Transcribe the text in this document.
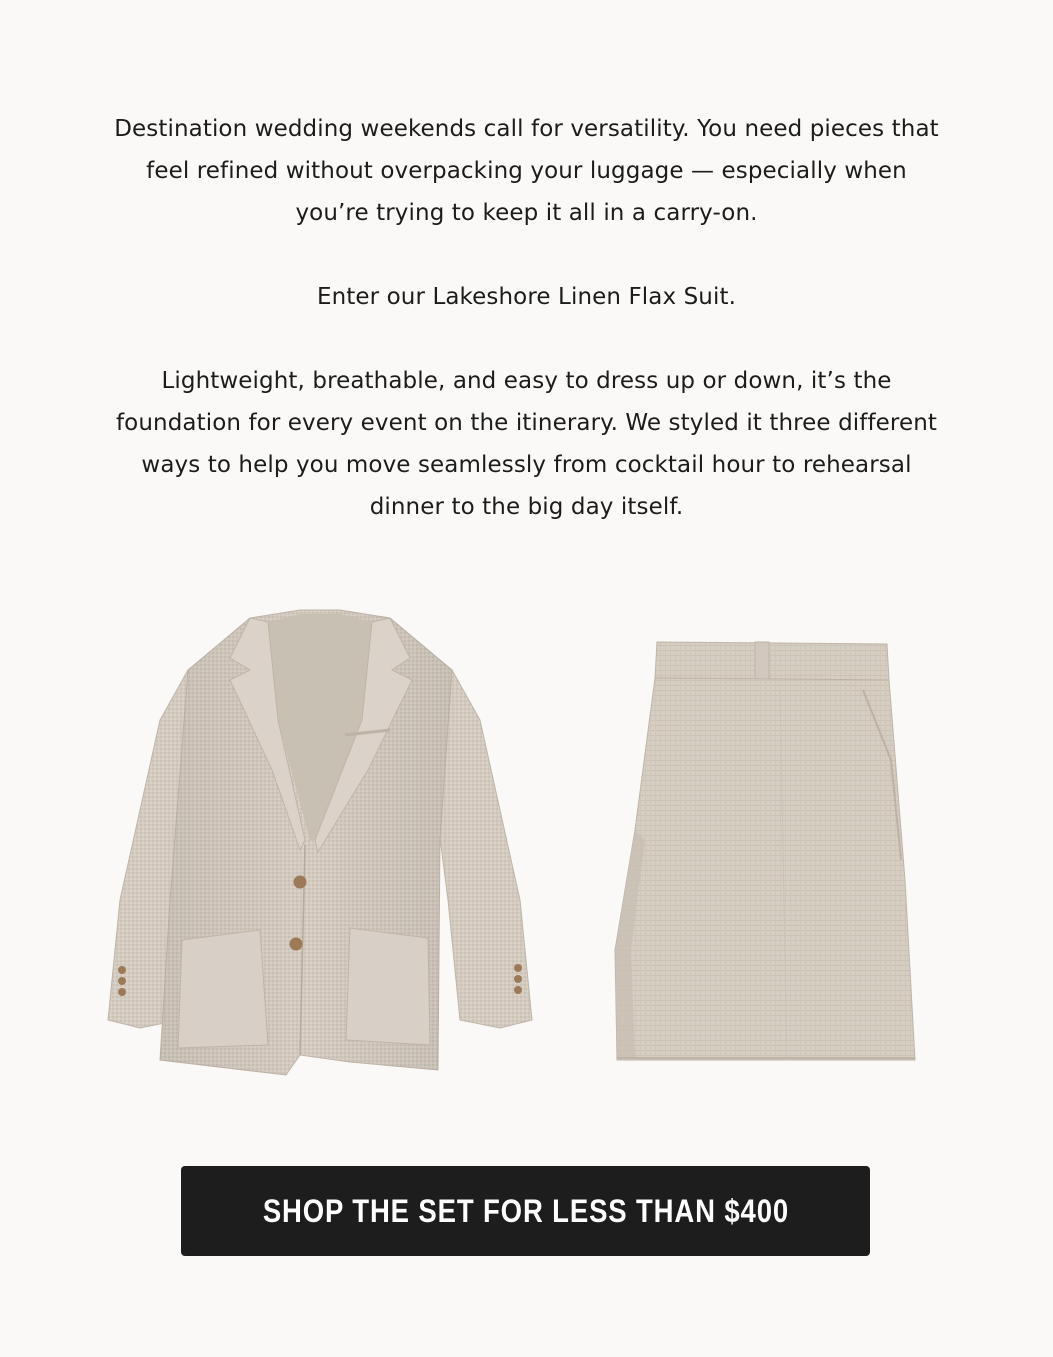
Destination wedding weekends call for versatility. You need pieces that feel refined without overpacking your luggage — especially when you’re trying to keep it all in a carry-on.

Enter our Lakeshore Linen Flax Suit.

Lightweight, breathable, and easy to dress up or down, it’s the foundation for every event on the itinerary. We styled it three different ways to help you move seamlessly from cocktail hour to rehearsal dinner to the big day itself.

SHOP THE SET FOR LESS THAN $400
